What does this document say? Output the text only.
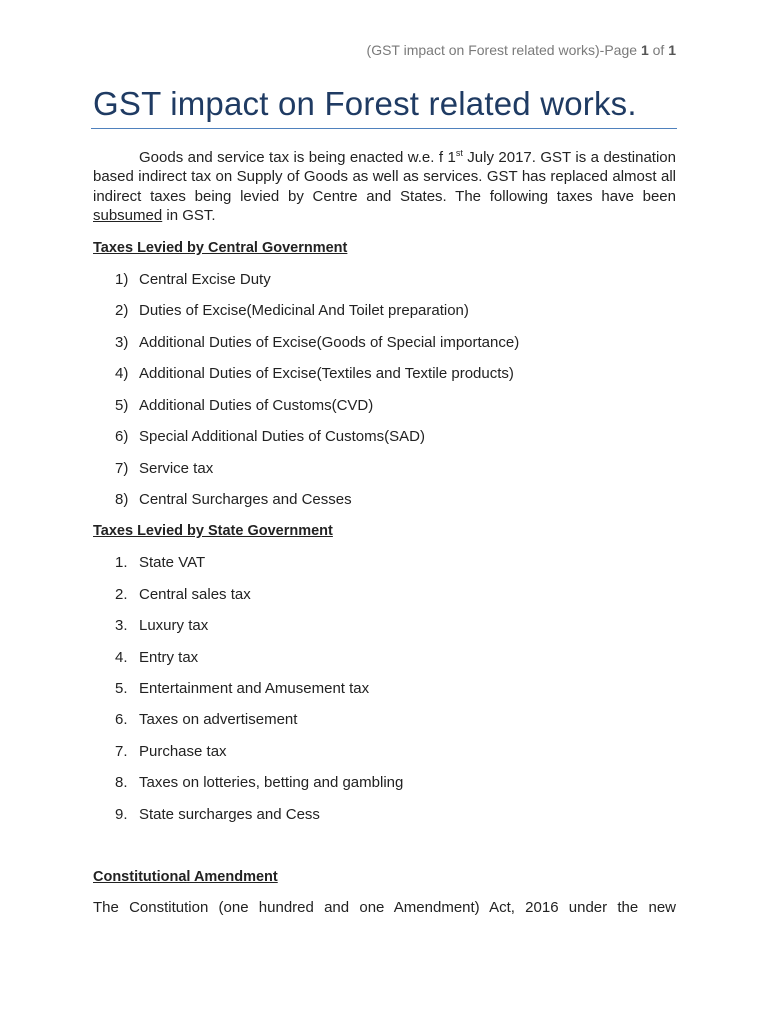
(GST impact on Forest related works)-Page 1 of 1
GST impact on Forest related works.
Goods and service tax is being enacted w.e. f 1st July 2017. GST is a destination based indirect tax on Supply of Goods as well as services. GST has replaced almost all indirect taxes being levied by Centre and States. The following taxes have been subsumed in GST.
Taxes Levied by Central Government
1) Central Excise Duty
2) Duties of Excise(Medicinal And Toilet preparation)
3) Additional Duties of Excise(Goods of Special importance)
4) Additional Duties of Excise(Textiles and Textile products)
5) Additional Duties of Customs(CVD)
6) Special Additional Duties of Customs(SAD)
7) Service tax
8) Central Surcharges and Cesses
Taxes Levied by State Government
1. State VAT
2. Central sales tax
3. Luxury tax
4. Entry tax
5. Entertainment and Amusement tax
6. Taxes on advertisement
7. Purchase tax
8. Taxes on lotteries, betting and gambling
9. State surcharges and Cess
Constitutional Amendment
The Constitution (one hundred and one Amendment) Act, 2016 under the new
